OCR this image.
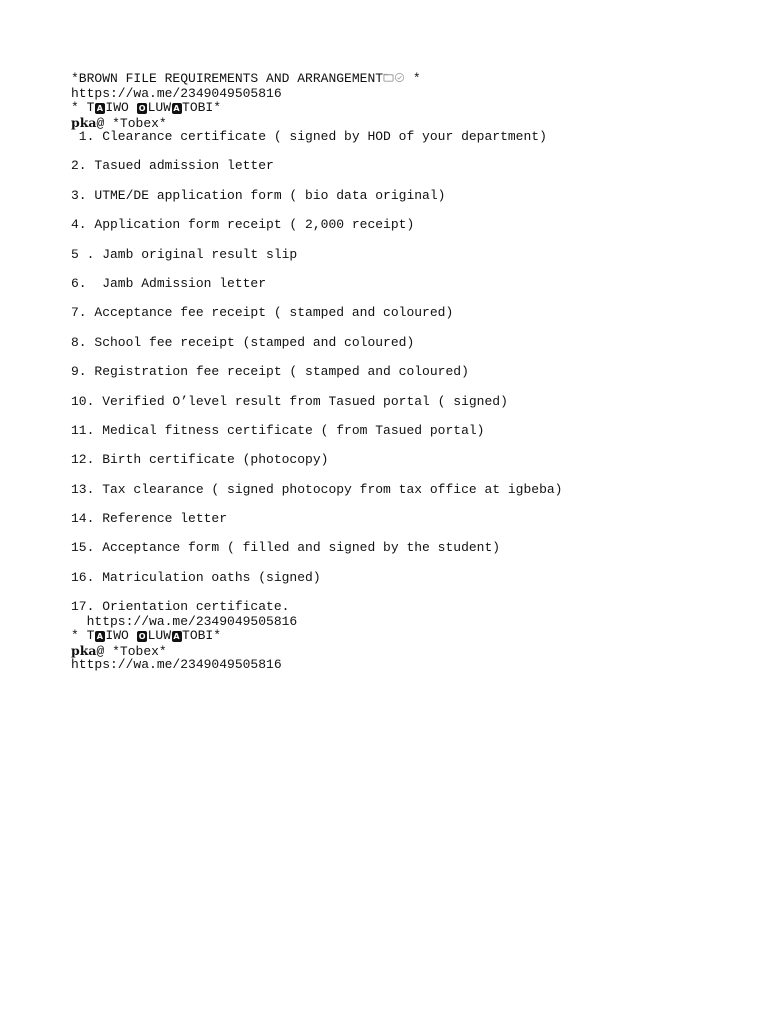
*BROWN FILE REQUIREMENTS AND ARRANGEMENT *
https://wa.me/2349049505816
* T A IWO O LUW A TOBI*
pka@ *Tobex*
1. Clearance certificate ( signed by HOD of your department)
2. Tasued admission letter
3. UTME/DE application form ( bio data original)
4. Application form receipt ( 2,000 receipt)
5 . Jamb original result slip
6.  Jamb Admission letter
7. Acceptance fee receipt ( stamped and coloured)
8. School fee receipt (stamped and coloured)
9. Registration fee receipt ( stamped and coloured)
10. Verified O’level result from Tasued portal ( signed)
11. Medical fitness certificate ( from Tasued portal)
12. Birth certificate (photocopy)
13. Tax clearance ( signed photocopy from tax office at igbeba)
14. Reference letter
15. Acceptance form ( filled and signed by the student)
16. Matriculation oaths (signed)
17. Orientation certificate.
https://wa.me/2349049505816
* T A IWO O LUW A TOBI*
pka@ *Tobex*
https://wa.me/2349049505816
